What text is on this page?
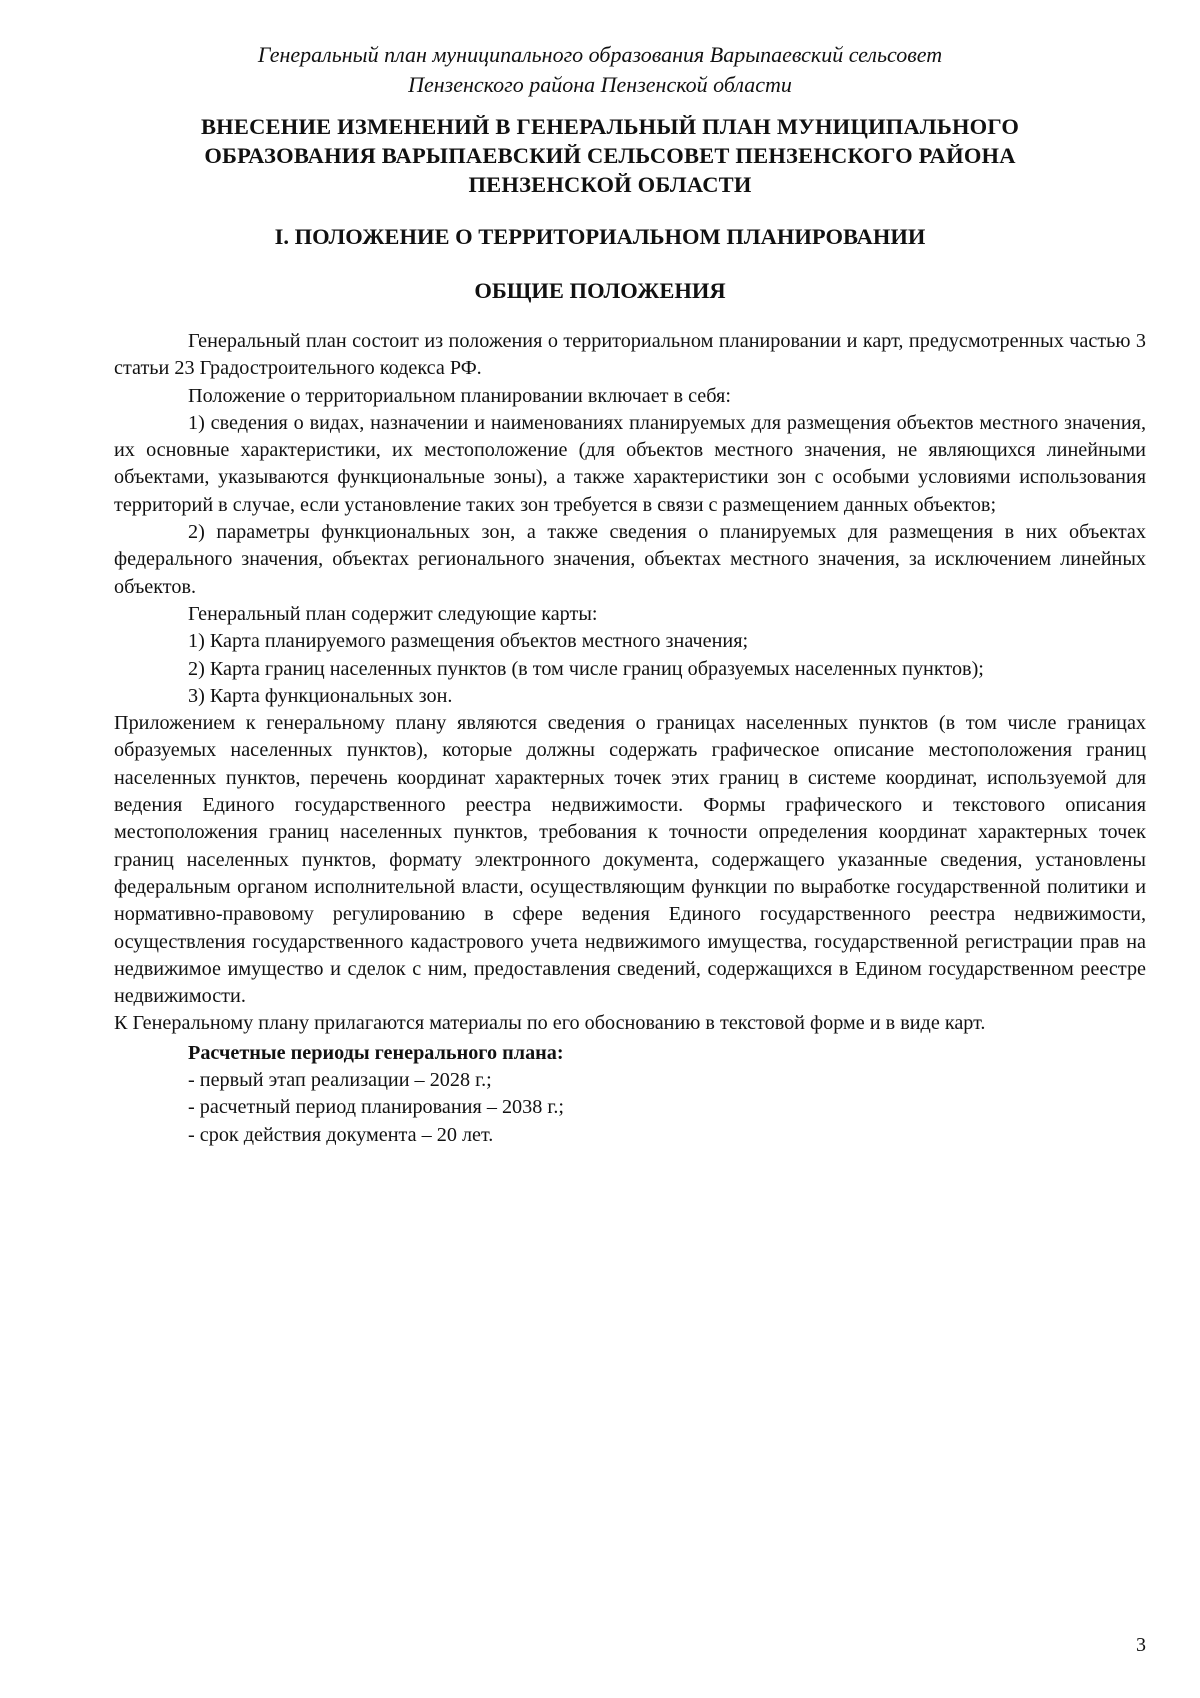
Генеральный план муниципального образования Варыпаевский сельсовет
Пензенского района Пензенской области
ВНЕСЕНИЕ ИЗМЕНЕНИЙ В ГЕНЕРАЛЬНЫЙ ПЛАН МУНИЦИПАЛЬНОГО ОБРАЗОВАНИЯ ВАРЫПАЕВСКИЙ СЕЛЬСОВЕТ ПЕНЗЕНСКОГО РАЙОНА ПЕНЗЕНСКОЙ ОБЛАСТИ
I. ПОЛОЖЕНИЕ О ТЕРРИТОРИАЛЬНОМ ПЛАНИРОВАНИИ
ОБЩИЕ ПОЛОЖЕНИЯ

Генеральный план состоит из положения о территориальном планировании и карт, предусмотренных частью 3 статьи 23 Градостроительного кодекса РФ.

Положение о территориальном планировании включает в себя:

1) сведения о видах, назначении и наименованиях планируемых для размещения объектов местного значения, их основные характеристики, их местоположение (для объектов местного значения, не являющихся линейными объектами, указываются функциональные зоны), а также характеристики зон с особыми условиями использования территорий в случае, если установление таких зон требуется в связи с размещением данных объектов;

2) параметры функциональных зон, а также сведения о планируемых для размещения в них объектах федерального значения, объектах регионального значения, объектах местного значения, за исключением линейных объектов.

Генеральный план содержит следующие карты:

1) Карта планируемого размещения объектов местного значения;

2) Карта границ населенных пунктов (в том числе границ образуемых населенных пунктов);

3) Карта функциональных зон.

Приложением к генеральному плану являются сведения о границах населенных пунктов (в том числе границах образуемых населенных пунктов), которые должны содержать графическое описание местоположения границ населенных пунктов, перечень координат характерных точек этих границ в системе координат, используемой для ведения Единого государственного реестра недвижимости. Формы графического и текстового описания местоположения границ населенных пунктов, требования к точности определения координат характерных точек границ населенных пунктов, формату электронного документа, содержащего указанные сведения, установлены федеральным органом исполнительной власти, осуществляющим функции по выработке государственной политики и нормативно-правовому регулированию в сфере ведения Единого государственного реестра недвижимости, осуществления государственного кадастрового учета недвижимого имущества, государственной регистрации прав на недвижимое имущество и сделок с ним, предоставления сведений, содержащихся в Едином государственном реестре недвижимости.

К Генеральному плану прилагаются материалы по его обоснованию в текстовой форме и в виде карт.

Расчетные периоды генерального плана:

- первый этап реализации – 2028 г.;

- расчетный период планирования – 2038 г.;

- срок действия документа – 20 лет.

3
